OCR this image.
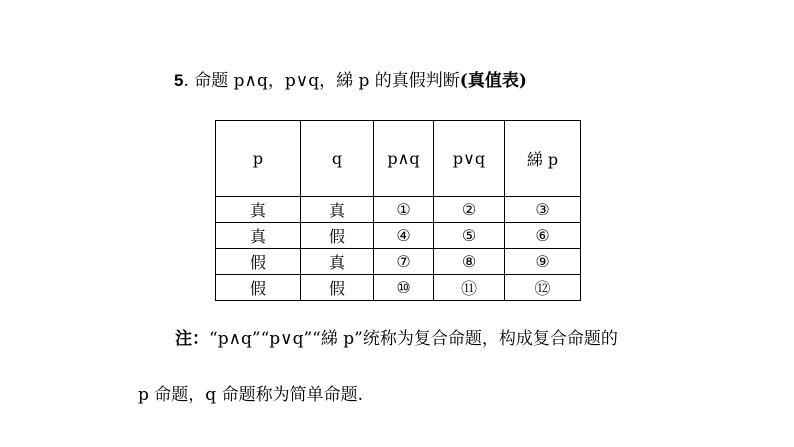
5. 命题 p∧q，p∨q，綈 p 的真假判断(真值表)
p	q	p∧q	p∨q	綈 p
真	真	①	②	③
真	假	④	⑤	⑥
假	真	⑦	⑧	⑨
假	假	⑩	⑪	⑫
注：“p∧q”“p∨q”“綈 p”统称为复合命题，构成复合命题的
p 命题，q 命题称为简单命题.
